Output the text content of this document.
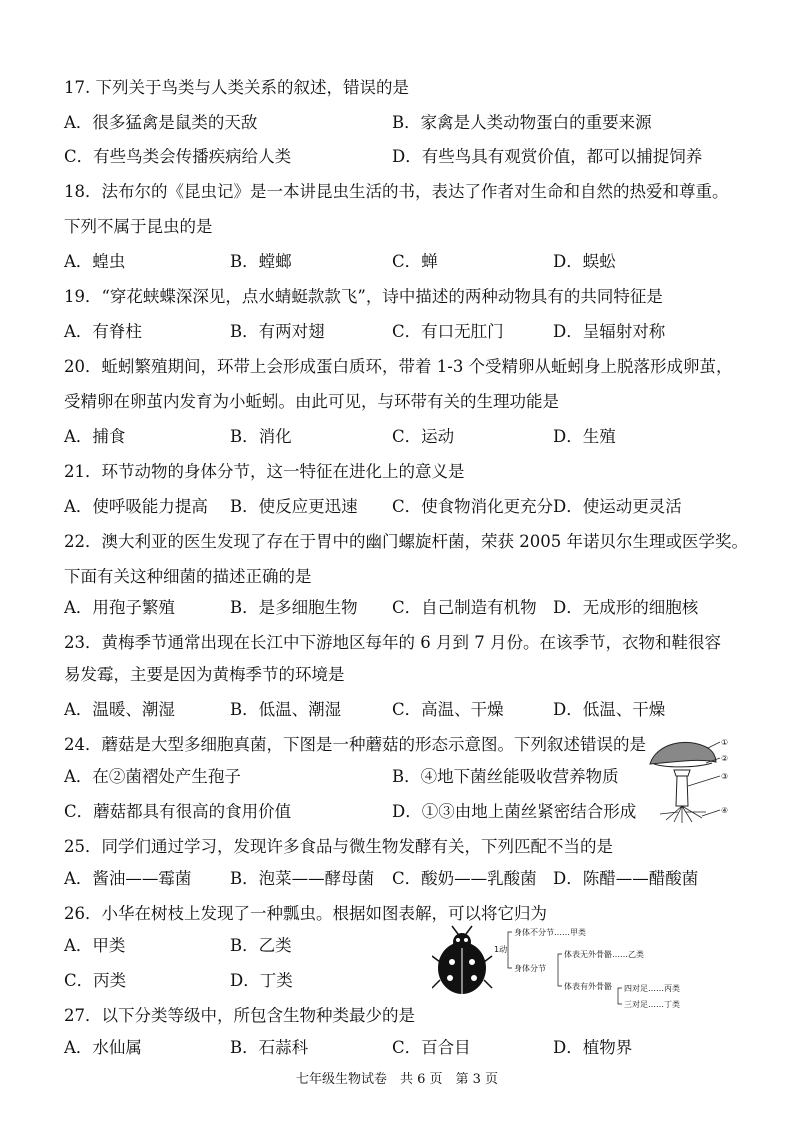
17. 下列关于鸟类与人类关系的叙述，错误的是
A．很多猛禽是鼠类的天敌	B．家禽是人类动物蛋白的重要来源
C．有些鸟类会传播疾病给人类	D．有些鸟具有观赏价值，都可以捕捉饲养
18．法布尔的《昆虫记》是一本讲昆虫生活的书，表达了作者对生命和自然的热爱和尊重。
下列不属于昆虫的是
A．蝗虫	B．螳螂	C．蝉	D．蜈蚣
19．“穿花蛱蝶深深见，点水蜻蜓款款飞”，诗中描述的两种动物具有的共同特征是
A．有脊柱	B．有两对翅	C．有口无肛门	D．呈辐射对称
20．蚯蚓繁殖期间，环带上会形成蛋白质环，带着 1-3 个受精卵从蚯蚓身上脱落形成卵茧，
受精卵在卵茧内发育为小蚯蚓。由此可见，与环带有关的生理功能是
A．捕食	B．消化	C．运动	D．生殖
21．环节动物的身体分节，这一特征在进化上的意义是
A．使呼吸能力提高 B．使反应更迅速 C．使食物消化更充分 D．使运动更灵活
22．澳大利亚的医生发现了存在于胃中的幽门螺旋杆菌，荣获 2005 年诺贝尔生理或医学奖。
下面有关这种细菌的描述正确的是
A．用孢子繁殖	B．是多细胞生物 C．自己制造有机物 D．无成形的细胞核
23．黄梅季节通常出现在长江中下游地区每年的 6 月到 7 月份。在该季节，衣物和鞋很容
易发霉，主要是因为黄梅季节的环境是
A．温暖、潮湿	B．低温、潮湿	C．高温、干燥	D．低温、干燥
24．蘑菇是大型多细胞真菌，下图是一种蘑菇的形态示意图。下列叙述错误的是
A．在②菌褶处产生孢子	B．④地下菌丝能吸收营养物质
C．蘑菇都具有很高的食用价值	D．①③由地上菌丝紧密结合形成
①
②
③
④
25．同学们通过学习，发现许多食品与微生物发酵有关，下列匹配不当的是
A．酱油——霉菌 B．泡菜——酵母菌 C．酸奶——乳酸菌 D．陈醋——醋酸菌
26．小华在树枝上发现了一种瓢虫。根据如图表解，可以将它归为
A．甲类	B．乙类
C．丙类	D．丁类
1动
身体不分节……甲类
身体分节
体表无外骨骼……乙类
体表有外骨骼 四对足……丙类
三对足……丁类
27．以下分类等级中，所包含生物种类最少的是
A．水仙属	B．石蒜科	C．百合目	D．植物界
七年级生物试卷　共 6 页　第 3 页
